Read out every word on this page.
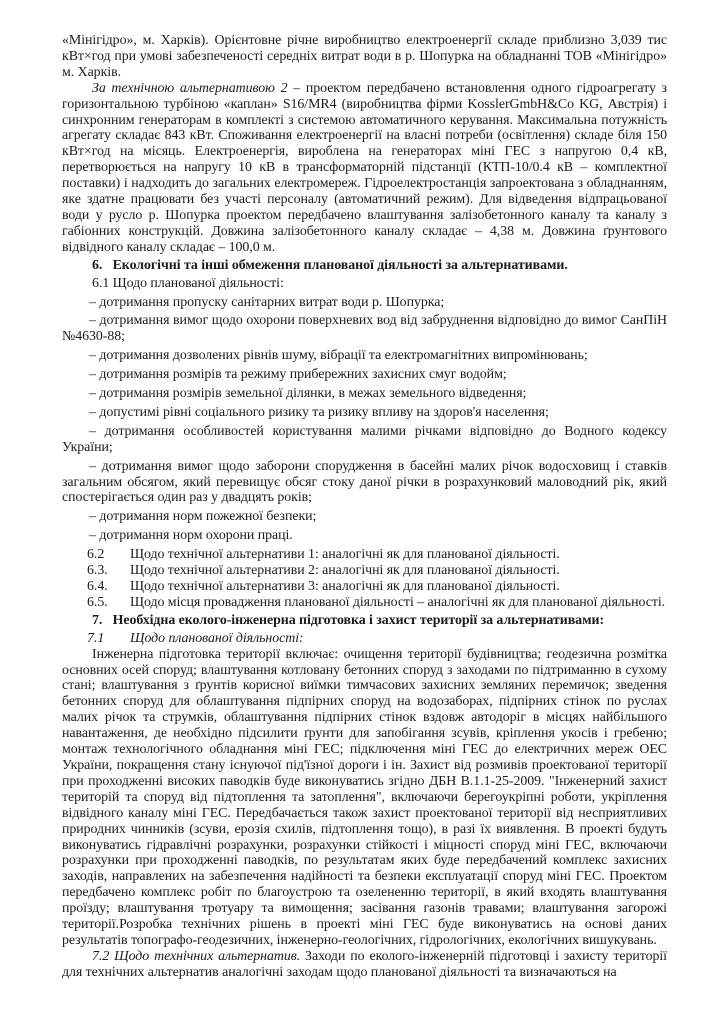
«Мінігідро», м. Харків). Орієнтовне річне виробництво електроенергії складе приблизно 3,039 тис кВт×год при умові забезпеченості середніх витрат води в р. Шопурка на обладнанні ТОВ «Мінігідро» м. Харків.

За технічною альтернативою 2 – проектом передбачено встановлення одного гідроагрегату з горизонтальною турбіною «каплан» S16/MR4 (виробництва фірми KosslerGmbH&Co KG, Австрія) і синхронним генераторам в комплекті з системою автоматичного керування. Максимальна потужність агрегату складає 843 кВт. Споживання електроенергії на власні потреби (освітлення) складе біля 150 кВт×год на місяць. Електроенергія, вироблена на генераторах міні ГЕС з напругою 0,4 кВ, перетворюється на напругу 10 кВ в трансформаторній підстанції (КТП-10/0.4 кВ – комплектної поставки) і надходить до загальних електромереж. Гідроелектростанція запроектована з обладнанням, яке здатне працювати без участі персоналу (автоматичний режим). Для відведення відпрацьованої води у русло р. Шопурка проектом передбачено влаштування залізобетонного каналу та каналу з габіонних конструкцій. Довжина залізобетонного каналу складає – 4,38 м. Довжина ґрунтового відвідного каналу складає – 100,0 м.

6.   Екологічні та інші обмеження планованої діяльності за альтернативами.

6.1 Щодо планованої діяльності:

– дотримання пропуску санітарних витрат води р. Шопурка;

– дотримання вимог щодо охорони поверхневих вод від забруднення відповідно до вимог СанПіН №4630-88;

– дотримання дозволених рівнів шуму, вібрації та електромагнітних випромінювань;

– дотримання розмірів та режиму прибережних захисних смуг водойм;

– дотримання розмірів земельної ділянки, в межах земельного відведення;

– допустимі рівні соціального ризику та ризику впливу на здоров'я населення;

– дотримання особливостей користування малими річками відповідно до Водного кодексу України;

– дотримання вимог щодо заборони спорудження в басейні малих річок водосховищ і ставків загальним обсягом, який перевищує обсяг стоку даної річки в розрахунковий маловодний рік, який спостерігається один раз у двадцять років;

– дотримання норм пожежної безпеки;

– дотримання норм охорони праці.

6.2 Щодо технічної альтернативи 1: аналогічні як для планованої діяльності.

6.3. Щодо технічної альтернативи 2: аналогічні як для планованої діяльності.

6.4. Щодо технічної альтернативи 3: аналогічні як для планованої діяльності.

6.5. Щодо місця провадження планованої діяльності – аналогічні як для планованої діяльності.

7.   Необхідна еколого-інженерна підготовка і захист території за альтернативами:

7.1 Щодо планованої діяльності:

Інженерна підготовка території включає: очищення території будівництва; геодезична розмітка основних осей споруд; влаштування котловану бетонних споруд з заходами по підтриманню в сухому стані; влаштування з ґрунтів корисної виїмки тимчасових захисних земляних перемичок; зведення бетонних споруд для облаштування підпірних споруд на водозаборах, підпірних стінок по руслах малих річок та струмків, облаштування підпірних стінок вздовж автодоріг в місцях найбільшого навантаження, де необхідно підсилити ґрунти для запобігання зсувів, кріплення укосів і гребеню; монтаж технологічного обладнання міні ГЕС; підключення міні ГЕС до електричних мереж ОЕС України, покращення стану існуючої під'їзної дороги і ін. Захист від розмивів проектованої території при проходженні високих паводків буде виконуватись згідно ДБН В.1.1-25-2009. "Інженерний захист територій та споруд від підтоплення та затоплення", включаючи берегоукріпні роботи, укріплення відвідного каналу міні ГЕС. Передбачається також захист проектованої території від несприятливих природних чинників (зсуви, ерозія схилів, підтоплення тощо), в разі їх виявлення. В проекті будуть виконуватись гідравлічні розрахунки, розрахунки стійкості і міцності споруд міні ГЕС, включаючи розрахунки при проходженні паводків, по результатам яких буде передбачений комплекс захисних заходів, направлених на забезпечення надійності та безпеки експлуатації споруд міні ГЕС. Проектом передбачено комплекс робіт по благоустрою та озелененню території, в який входять влаштування проїзду; влаштування тротуару та вимощення; засівання газонів травами; влаштування загорожі території.Розробка технічних рішень в проекті міні ГЕС буде виконуватись на основі даних результатів топографо-геодезичних, інженерно-геологічних, гідрологічних, екологічних вишукувань.

7.2 Щодо технічних альтернатив. Заходи по еколого-інженерній підготовці і захисту території для технічних альтернатив аналогічні заходам щодо планованої діяльності та визначаються на
